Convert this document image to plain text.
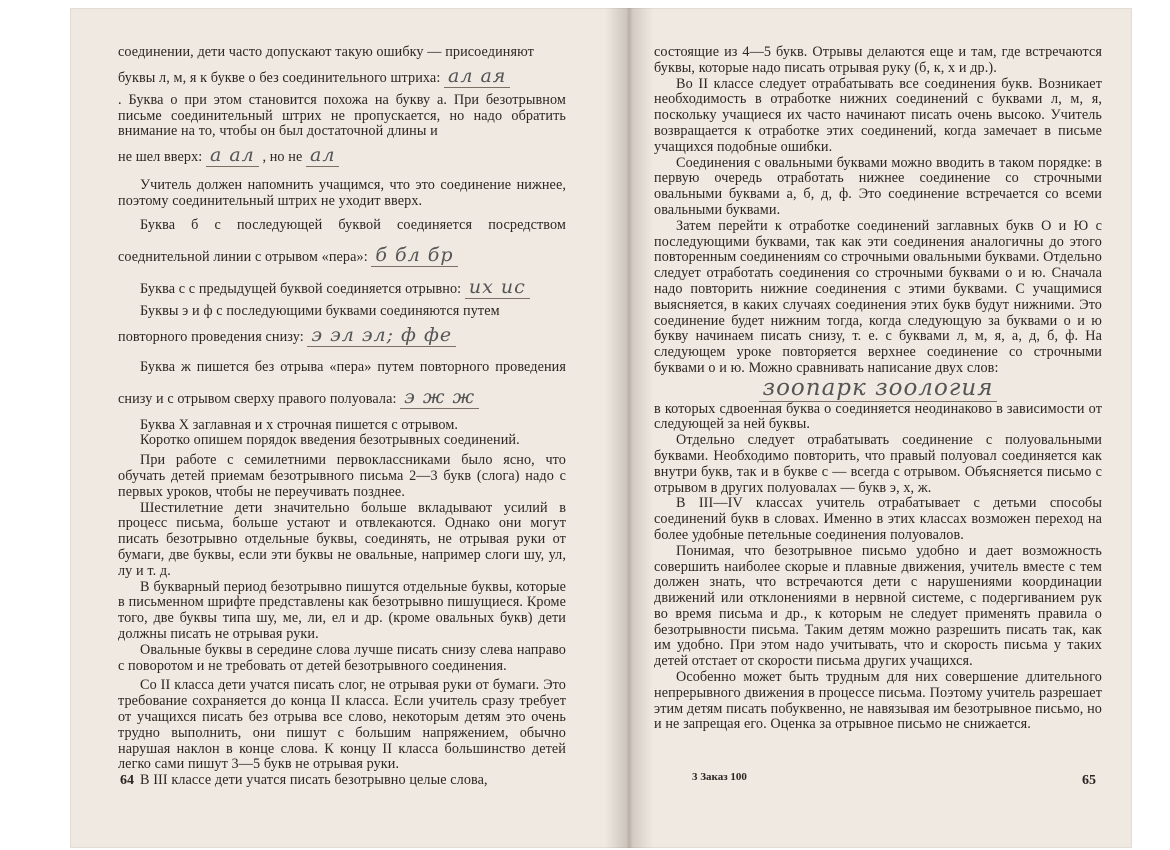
соединении, дети часто допускают такую ошибку — присоединяют

буквы л, м, я к букве о без соединительного штриха: ал ая

. Буква о при этом становится похожа на букву а. При безотрывном письме соединительный штрих не пропускается, но надо обратить внимание на то, чтобы он был достаточной длины и

не шел вверх: а ал , но не ал

Учитель должен напомнить учащимся, что это соединение нижнее, поэтому соединительный штрих не уходит вверх.

Буква б с последующей буквой соединяется посредством соеднительной линии с отрывом «пера»: б бл бр

Буква с с предыдущей буквой соединяется отрывно: их ис

Буквы э и ф с последующими буквами соединяются путем

повторного проведения снизу: э эл эл; ф фе

Буква ж пишется без отрыва «пера» путем повторного проведения снизу и с отрывом сверху правого полуовала: э ж ж

Буква Х заглавная и х строчная пишется с отрывом.

Коротко опишем порядок введения безотрывных соединений.

При работе с семилетними первоклассниками было ясно, что обучать детей приемам безотрывного письма 2—3 букв (слога) надо с первых уроков, чтобы не переучивать позднее.

Шестилетние дети значительно больше вкладывают усилий в процесс письма, больше устают и отвлекаются. Однако они могут писать безотрывно отдельные буквы, соединять, не отрывая руки от бумаги, две буквы, если эти буквы не овальные, например слоги шу, ул, лу и т. д.

В букварный период безотрывно пишутся отдельные буквы, которые в письменном шрифте представлены как безотрывно пишущиеся. Кроме того, две буквы типа шу, ме, ли, ел и др. (кроме овальных букв) дети должны писать не отрывая руки.

Овальные буквы в середине слова лучше писать снизу слева направо с поворотом и не требовать от детей безотрывного соединения.

Со II класса дети учатся писать слог, не отрывая руки от бумаги. Это требование сохраняется до конца II класса. Если учитель сразу требует от учащихся писать без отрыва все слово, некоторым детям это очень трудно выполнить, они пишут с большим напряжением, обычно нарушая наклон в конце слова. К концу II класса большинство детей легко сами пишут 3—5 букв не отрывая руки.

В III классе дети учатся писать безотрывно целые слова,

64

состоящие из 4—5 букв. Отрывы делаются еще и там, где встречаются буквы, которые надо писать отрывая руку (б, к, х и др.).

Во II классе следует отрабатывать все соединения букв. Возникает необходимость в отработке нижних соединений с буквами л, м, я, поскольку учащиеся их часто начинают писать очень высоко. Учитель возвращается к отработке этих соединений, когда замечает в письме учащихся подобные ошибки.

Соединения с овальными буквами можно вводить в таком порядке: в первую очередь отработать нижнее соединение со строчными овальными буквами а, б, д, ф. Это соединение встречается со всеми овальными буквами.

Затем перейти к отработке соединений заглавных букв О и Ю с последующими буквами, так как эти соединения аналогичны до этого повторенным соединениям со строчными овальными буквами. Отдельно следует отработать соединения со строчными буквами о и ю. Сначала надо повторить нижние соединения с этими буквами. С учащимися выясняется, в каких случаях соединения этих букв будут нижними. Это соединение будет нижним тогда, когда следующую за буквами о и ю букву начинаем писать снизу, т. е. с буквами л, м, я, а, д, б, ф. На следующем уроке повторяется верхнее соединение со строчными буквами о и ю. Можно сравнивать написание двух слов:

зоопарк зоология

в которых сдвоенная буква о соединяется неодинаково в зависимости от следующей за ней буквы.

Отдельно следует отрабатывать соединение с полуовальными буквами. Необходимо повторить, что правый полуовал соединяется как внутри букв, так и в букве с — всегда с отрывом. Объясняется письмо с отрывом в других полуовалах — букв э, х, ж.

В III—IV классах учитель отрабатывает с детьми способы соединений букв в словах. Именно в этих классах возможен переход на более удобные петельные соединения полуовалов.

Понимая, что безотрывное письмо удобно и дает возможность совершить наиболее скорые и плавные движения, учитель вместе с тем должен знать, что встречаются дети с нарушениями координации движений или отклонениями в нервной системе, с подергиванием рук во время письма и др., к которым не следует применять правила о безотрывности письма. Таким детям можно разрешить писать так, как им удобно. При этом надо учитывать, что и скорость письма у таких детей отстает от скорости письма других учащихся.

Особенно может быть трудным для них совершение длительного непрерывного движения в процессе письма. Поэтому учитель разрешает этим детям писать побуквенно, не навязывая им безотрывное письмо, но и не запрещая его. Оценка за отрывное письмо не снижается.

3 Заказ 100	65
